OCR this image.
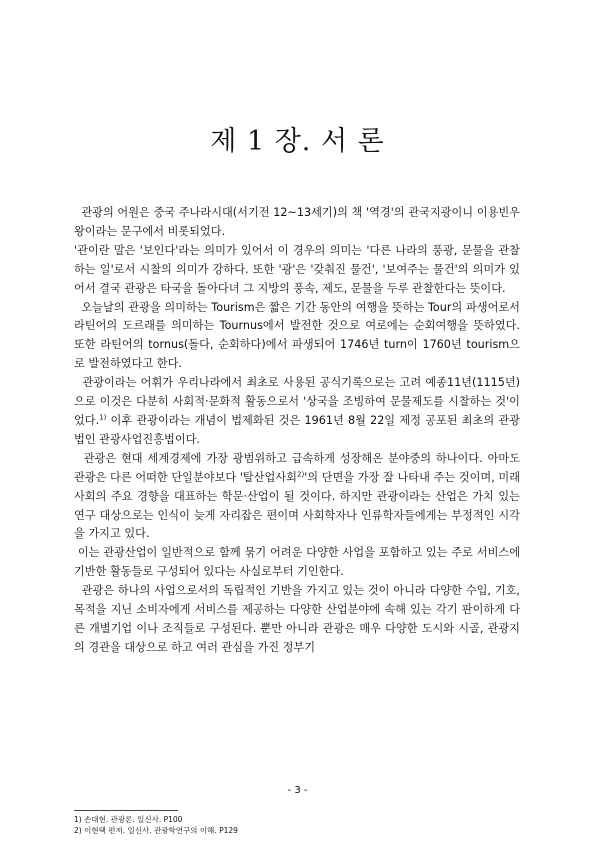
제 1 장. 서 론

관광의 어원은 중국 주나라시대(서기전 12~13세기)의 책 '역경'의 관국지광이니 이용빈우왕이라는 문구에서 비롯되었다.

'관이란 말은 '보인다'라는 의미가 있어서 이 경우의 의미는 '다른 나라의 풍광, 문물을 관찰하는 일'로서 시찰의 의미가 강하다. 또한 '광'은 '갖춰진 물건', '보여주는 물건'의 의미가 있어서 결국 관광은 타국을 돌아다녀 그 지방의 풍속, 제도, 문물을 두루 관찰한다는 뜻이다.

오늘날의 관광을 의미하는 Tourism은 짧은 기간 동안의 여행을 뜻하는 Tour의 파생어로서 라틴어의 도르래를 의미하는 Tournus에서 발전한 것으로 여로에는 순회여행을 뜻하였다. 또한 라틴어의 tornus(돌다, 순회하다)에서 파생되어 1746년 turn이 1760년 tourism으로 발전하였다고 한다.

관광이라는 어휘가 우리나라에서 최초로 사용된 공식기록으로는 고려 예종11년(1115년)으로 이것은 다분히 사회적·문화적 활동으로서 '상국을 조빙하여 문물제도를 시찰하는 것'이었다.$^{1)}$ 이후 관광이라는 개념이 법제화된 것은 1961년 8월 22일 제정 공포된 최초의 관광법인 관광사업진흥법이다.

관광은 현대 세계경제에 가장 광범위하고 급속하게 성장해온 분야중의 하나이다. 아마도 관광은 다른 어떠한 단일분야보다 '탈산업사회$^{2)}$'의 단면을 가장 잘 나타내 주는 것이며, 미래사회의 주요 경향을 대표하는 학문·산업이 될 것이다. 하지만 관광이라는 산업은 가치 있는 연구 대상으로는 인식이 늦게 자리잡은 편이며 사회학자나 인류학자들에게는 부정적인 시각을 가지고 있다.

이는 관광산업이 일반적으로 함께 묶기 어려운 다양한 사업을 포함하고 있는 주로 서비스에 기반한 활동들로 구성되어 있다는 사실로부터 기인한다.

관광은 하나의 사업으로서의 독립적인 기반을 가지고 있는 것이 아니라 다양한 수입, 기호, 목적을 지닌 소비자에게 서비스를 제공하는 다양한 산업분야에 속해 있는 각기 판이하게 다른 개별기업 이나 조직들로 구성된다. 뿐만 아니라 관광은 매우 다양한 도시와 시골, 관광지의 경관을 대상으로 하고 여러 관심을 가진 정부기

- 3 -
1) 손대현. 관광론. 일신사. P100
2) 이현택 편저. 일신사. 관광학연구의 이해. P129
